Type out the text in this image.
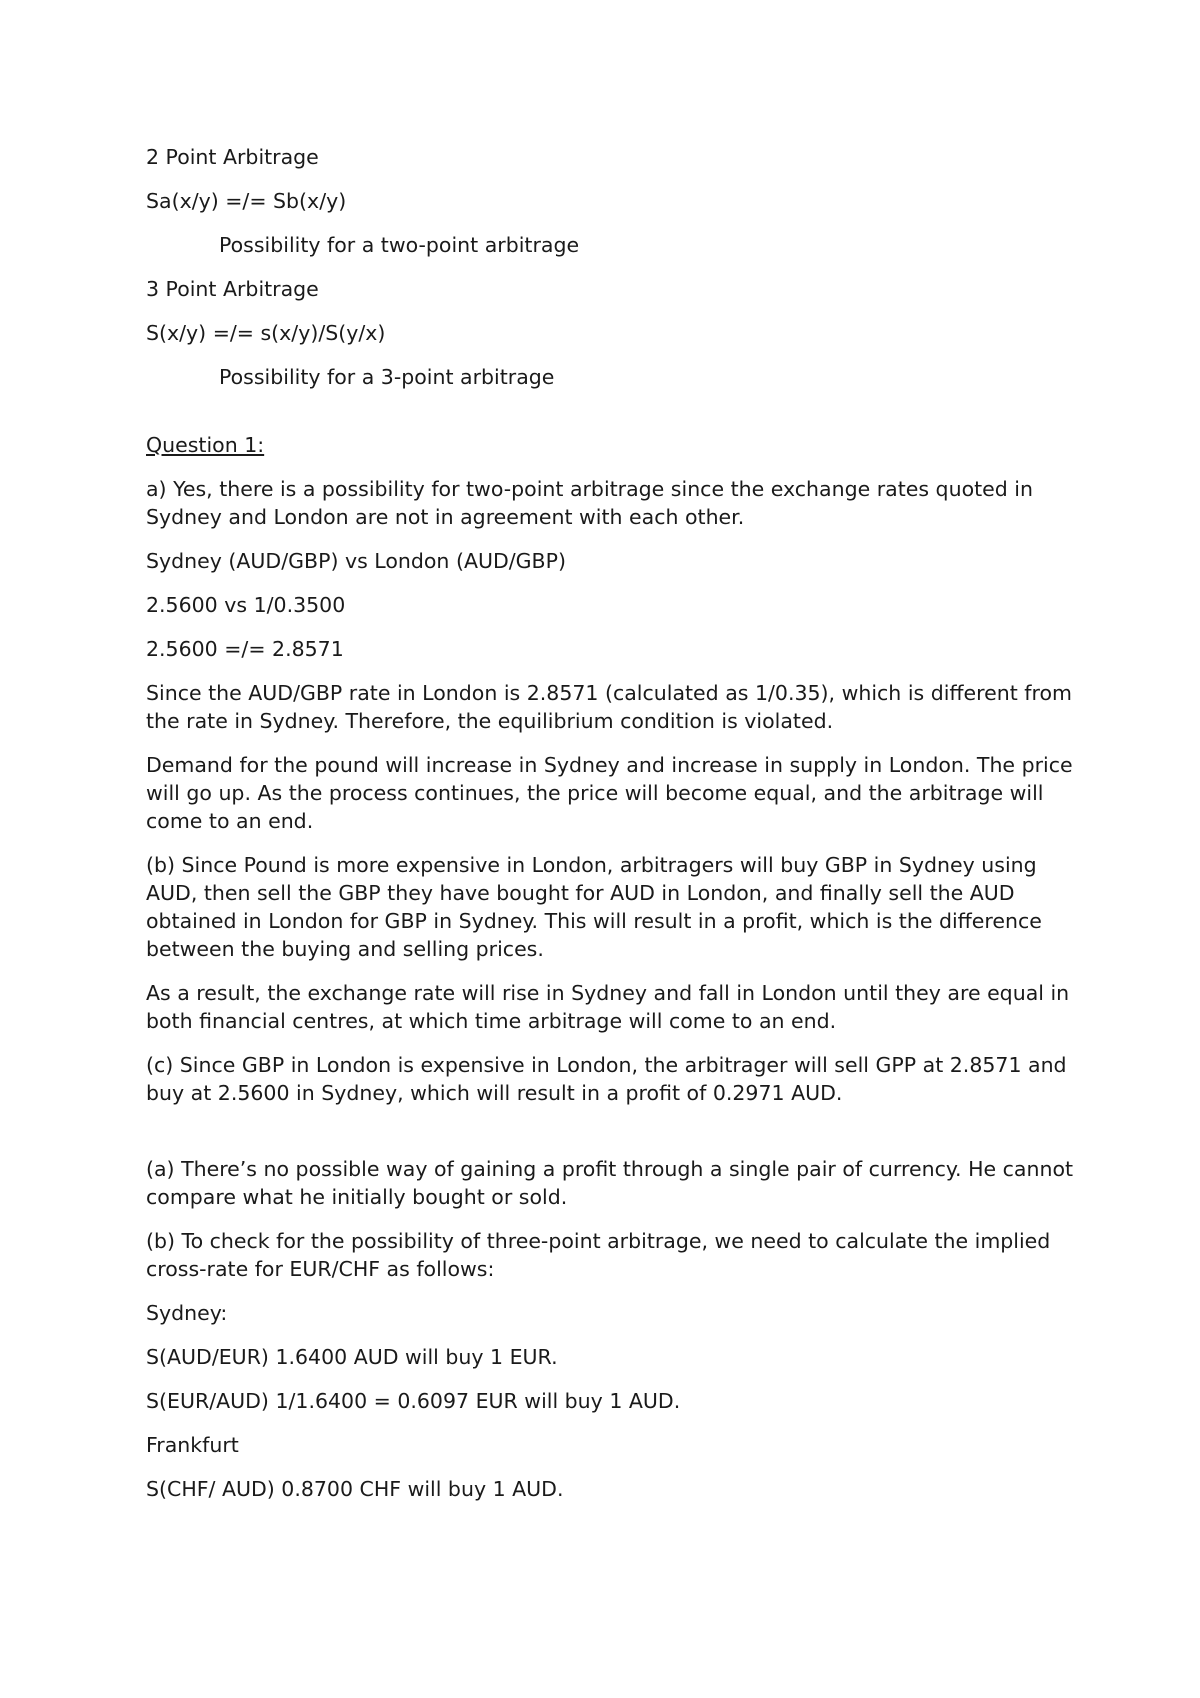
2 Point Arbitrage

Sa(x/y) =/= Sb(x/y)

Possibility for a two-point arbitrage

3 Point Arbitrage

S(x/y) =/= s(x/y)/S(y/x)

Possibility for a 3-point arbitrage

Question 1:

a) Yes, there is a possibility for two-point arbitrage since the exchange rates quoted in Sydney and London are not in agreement with each other.

Sydney (AUD/GBP) vs London (AUD/GBP)

2.5600 vs 1/0.3500

2.5600 =/= 2.8571

Since the AUD/GBP rate in London is 2.8571 (calculated as 1/0.35), which is different from the rate in Sydney. Therefore, the equilibrium condition is violated.

Demand for the pound will increase in Sydney and increase in supply in London. The price will go up. As the process continues, the price will become equal, and the arbitrage will come to an end.

(b) Since Pound is more expensive in London, arbitragers will buy GBP in Sydney using AUD, then sell the GBP they have bought for AUD in London, and finally sell the AUD obtained in London for GBP in Sydney. This will result in a profit, which is the difference between the buying and selling prices.

As a result, the exchange rate will rise in Sydney and fall in London until they are equal in both financial centres, at which time arbitrage will come to an end.

(c) Since GBP in London is expensive in London, the arbitrager will sell GPP at 2.8571 and buy at 2.5600 in Sydney, which will result in a profit of 0.2971 AUD.

(a) There’s no possible way of gaining a profit through a single pair of currency. He cannot compare what he initially bought or sold.

(b) To check for the possibility of three-point arbitrage, we need to calculate the implied cross-rate for EUR/CHF as follows:

Sydney:

S(AUD/EUR) 1.6400 AUD will buy 1 EUR.

S(EUR/AUD) 1/1.6400 = 0.6097 EUR will buy 1 AUD.

Frankfurt

S(CHF/ AUD) 0.8700 CHF will buy 1 AUD.
